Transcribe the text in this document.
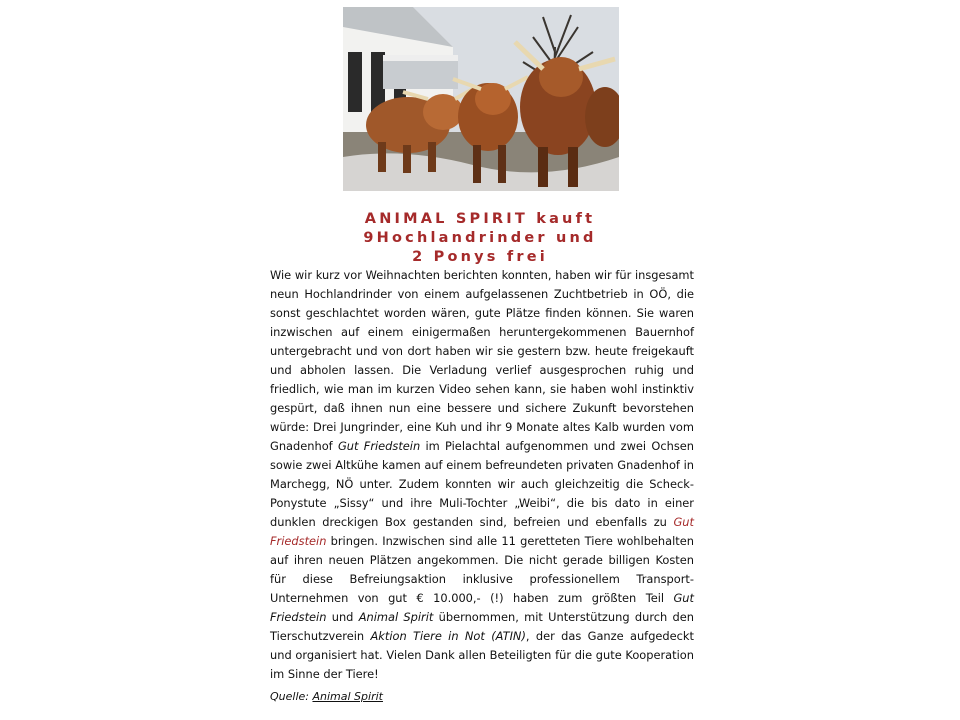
ANIMAL SPIRIT kauft
9Hochlandrinder und
2 Ponys frei
Wie wir kurz vor Weihnachten berichten konnten, haben wir für insgesamt neun Hochlandrinder von einem aufgelassenen Zuchtbetrieb in OÖ, die sonst geschlachtet worden wären, gute Plätze finden können. Sie waren inzwischen auf einem einigermaßen heruntergekommenen Bauernhof untergebracht und von dort haben wir sie gestern bzw. heute freigekauft und abholen lassen. Die Verladung verlief ausgesprochen ruhig und friedlich, wie man im kurzen Video sehen kann, sie haben wohl instinktiv gespürt, daß ihnen nun eine bessere und sichere Zukunft bevorstehen würde: Drei Jungrinder, eine Kuh und ihr 9 Monate altes Kalb wurden vom Gnadenhof Gut Friedstein im Pielachtal aufgenommen und zwei Ochsen sowie zwei Altkühe kamen auf einem befreundeten privaten Gnadenhof in Marchegg, NÖ unter. Zudem konnten wir auch gleichzeitig die Scheck-Ponystute „Sissy“ und ihre Muli-Tochter „Weibi“, die bis dato in einer dunklen dreckigen Box gestanden sind, befreien und ebenfalls zu Gut Friedstein bringen. Inzwischen sind alle 11 geretteten Tiere wohlbehalten auf ihren neuen Plätzen angekommen. Die nicht gerade billigen Kosten für diese Befreiungsaktion inklusive professionellem Transport-Unternehmen von gut € 10.000,- (!) haben zum größten Teil Gut Friedstein und Animal Spirit übernommen, mit Unterstützung durch den Tierschutzverein Aktion Tiere in Not (ATIN), der das Ganze aufgedeckt und organisiert hat. Vielen Dank allen Beteiligten für die gute Kooperation im Sinne der Tiere!
Quelle: Animal Spirit
